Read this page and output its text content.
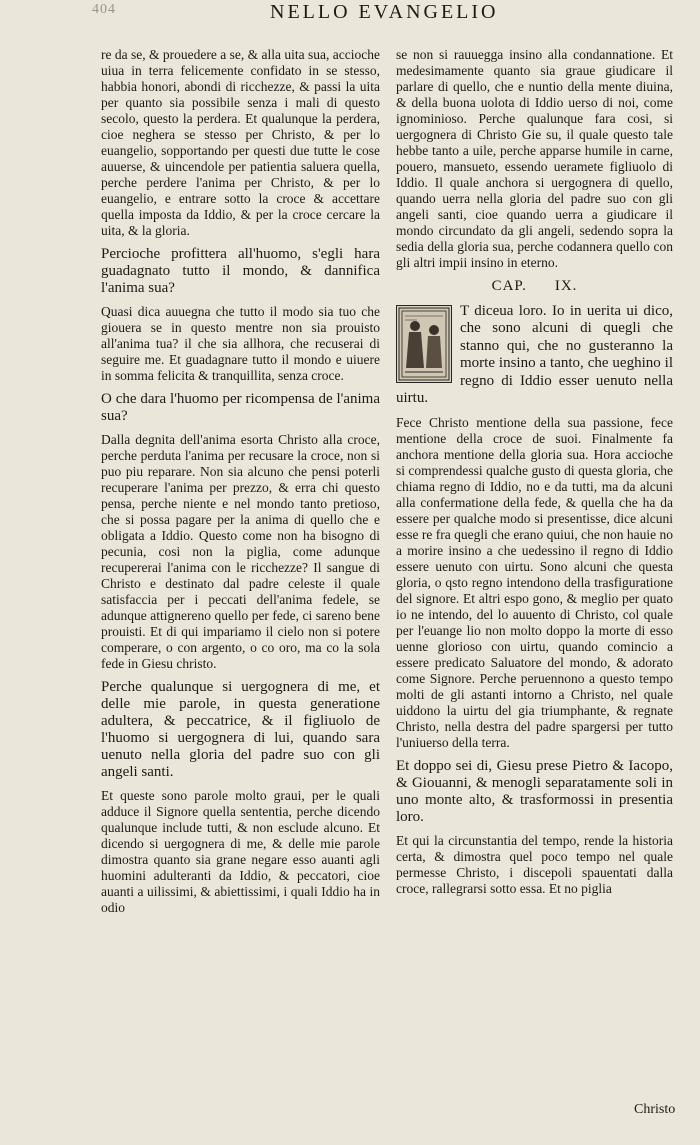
404	NELLO EVANGELIO

re da se, & prouedere a se, & alla uita sua, accioche uiua in terra felicemente confidato in se stesso, habbia honori, abondi di ricchezze, & passi la uita per quanto sia possibile senza i mali di questo secolo, questo la perdera. Et qualunque la perdera, cioe neghera se stesso per Christo, & per lo euangelio, sopportando per questi due tutte le cose auuerse, & uincendole per patientia saluera quella, perche perdere l'anima per Christo, & per lo euangelio, e entrare sotto la croce & accettare quella imposta da Iddio, & per la croce cercare la uita, & la gloria.

Percioche profittera all'huomo, s'egli hara guadagnato tutto il mondo, & dannifica l'anima sua?

Quasi dica auuegna che tutto il modo sia tuo che giouera se in questo mentre non sia prouisto all'anima tua? il che sia allhora, che recuserai di seguire me. Et guadagnare tutto il mondo e uiuere in somma felicita & tranquillita, senza croce.

O che dara l'huomo per ricompensa de l'anima sua?

Dalla degnita dell'anima esorta Christo alla croce, perche perduta l'anima per recusare la croce, non si puo piu reparare. Non sia alcuno che pensi poterli recuperare l'anima per prezzo, & erra chi questo pensa, perche niente e nel mondo tanto pretioso, che si possa pagare per la anima di quello che e obligata a Iddio. Questo come non ha bisogno di pecunia, cosi non la piglia, come adunque recupererai l'anima con le ricchezze? Il sangue di Christo e destinato dal padre celeste il quale satisfaccia per i peccati dell'anima fedele, se adunque attignereno quello per fede, ci sareno bene prouisti. Et di qui impariamo il cielo non si potere comperare, o con argento, o co oro, ma co la sola fede in Giesu christo.

Perche qualunque si uergognera di me, et delle mie parole, in questa generatione adultera, & peccatrice, & il figliuolo de l'huomo si uergognera di lui, quando sara uenuto nella gloria del padre suo con gli angeli santi.

Et queste sono parole molto graui, per le quali adduce il Signore quella sententia, perche dicendo qualunque include tutti, & non esclude alcuno. Et dicendo si uergognera di me, & delle mie parole dimostra quanto sia grane negare esso auanti agli huomini adulteranti da Iddio, & peccatori, cioe auanti a uilissimi, & abiettissimi, i quali Iddio ha in odio

se non si rauuegga insino alla condannatione. Et medesimamente quanto sia graue giudicare il parlare di quello, che e nuntio della mente diuina, & della buona uolota di Iddio uerso di noi, come ignominioso. Perche qualunque fara cosi, si uergognera di Christo Gie su, il quale questo tale hebbe tanto a uile, perche apparse humile in carne, pouero, mansueto, essendo ueramete figliuolo di Iddio. Il quale anchora si uergognera di quello, quando uerra nella gloria del padre suo con gli angeli santi, cioe quando uerra a giudicare il mondo circundato da gli angeli, sedendo sopra la sedia della gloria sua, perche codannera quello con gli altri impii insino in eterno.

CAP. IX.
T diceua loro. Io in uerita ui dico, che sono alcuni di quegli che stanno qui, che no gusteranno la morte insino a tanto, che ueghino il regno di Iddio esser uenuto nella uirtu.

Fece Christo mentione della sua passione, fece mentione della croce de suoi. Finalmente fa anchora mentione della gloria sua. Hora accioche si comprendessi qualche gusto di questa gloria, che chiama regno di Iddio, no e da tutti, ma da alcuni alla confermatione della fede, & quella che ha da essere per qualche modo si presentisse, dice alcuni esse re fra quegli che erano quiui, che non hauie no a morire insino a che uedessino il regno di Iddio essere uenuto con uirtu. Sono alcuni che questa gloria, o qsto regno intendono della trasfiguratione del signore. Et altri espo gono, & meglio per quato io ne intendo, del lo auuento di Christo, col quale per l'euange lio non molto doppo la morte di esso uenne glorioso con uirtu, quando comincio a essere predicato Saluatore del mondo, & adorato come Signore. Perche peruennono a questo tempo molti de gli astanti intorno a Christo, nel quale uiddono la uirtu del gia triumphante, & regnate Christo, nella destra del padre spargersi per tutto l'uniuerso della terra.

Et doppo sei di, Giesu prese Pietro & Iacopo, & Giouanni, & menogli separatamente soli in uno monte alto, & trasformossi in presentia loro.

Et qui la circunstantia del tempo, rende la historia certa, & dimostra quel poco tempo nel quale permesse Christo, i discepoli spauentati dalla croce, rallegrarsi sotto essa. Et no piglia

Christo
